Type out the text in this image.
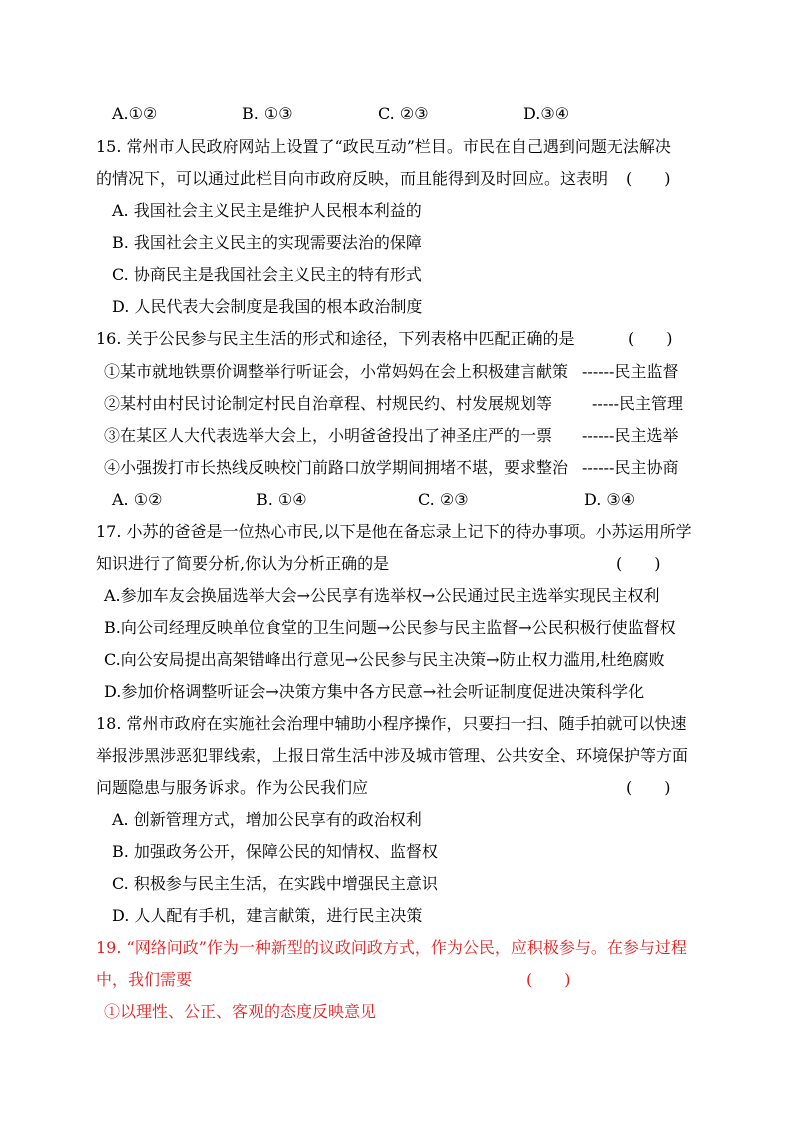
A.①②	B. ①③	C. ②③	D.③④
15. 常州市人民政府网站上设置了“政民互动”栏目。市民在自己遇到问题无法解决
的情况下，可以通过此栏目向市政府反映，而且能得到及时回应。这表明 (　　)
A. 我国社会主义民主是维护人民根本利益的
B. 我国社会主义民主的实现需要法治的保障
C. 协商民主是我国社会主义民主的特有形式
D. 人民代表大会制度是我国的根本政治制度
16. 关于公民参与民主生活的形式和途径，下列表格中匹配正确的是	(　　)
①某市就地铁票价调整举行听证会，小常妈妈在会上积极建言献策 ------民主监督
②某村由村民讨论制定村民自治章程、村规民约、村发展规划等 -----民主管理
③在某区人大代表选举大会上，小明爸爸投出了神圣庄严的一票 ------民主选举
④小强拨打市长热线反映校门前路口放学期间拥堵不堪，要求整治 ------民主协商
A. ①②	B. ①④	C. ②③	D. ③④
17. 小苏的爸爸是一位热心市民,以下是他在备忘录上记下的待办事项。小苏运用所学
知识进行了简要分析,你认为分析正确的是	(　　)
A.参加车友会换届选举大会→公民享有选举权→公民通过民主选举实现民主权利
B.向公司经理反映单位食堂的卫生问题→公民参与民主监督→公民积极行使监督权
C.向公安局提出高架错峰出行意见→公民参与民主决策→防止权力滥用,杜绝腐败
D.参加价格调整听证会→决策方集中各方民意→社会听证制度促进决策科学化
18. 常州市政府在实施社会治理中辅助小程序操作，只要扫一扫、随手拍就可以快速
举报涉黑涉恶犯罪线索，上报日常生活中涉及城市管理、公共安全、环境保护等方面
问题隐患与服务诉求。作为公民我们应	(　　)
A. 创新管理方式，增加公民享有的政治权利
B. 加强政务公开，保障公民的知情权、监督权
C. 积极参与民主生活，在实践中增强民主意识
D. 人人配有手机，建言献策，进行民主决策
19. “网络问政”作为一种新型的议政问政方式，作为公民，应积极参与。在参与过程
中，我们需要	(　　)
①以理性、公正、客观的态度反映意见
